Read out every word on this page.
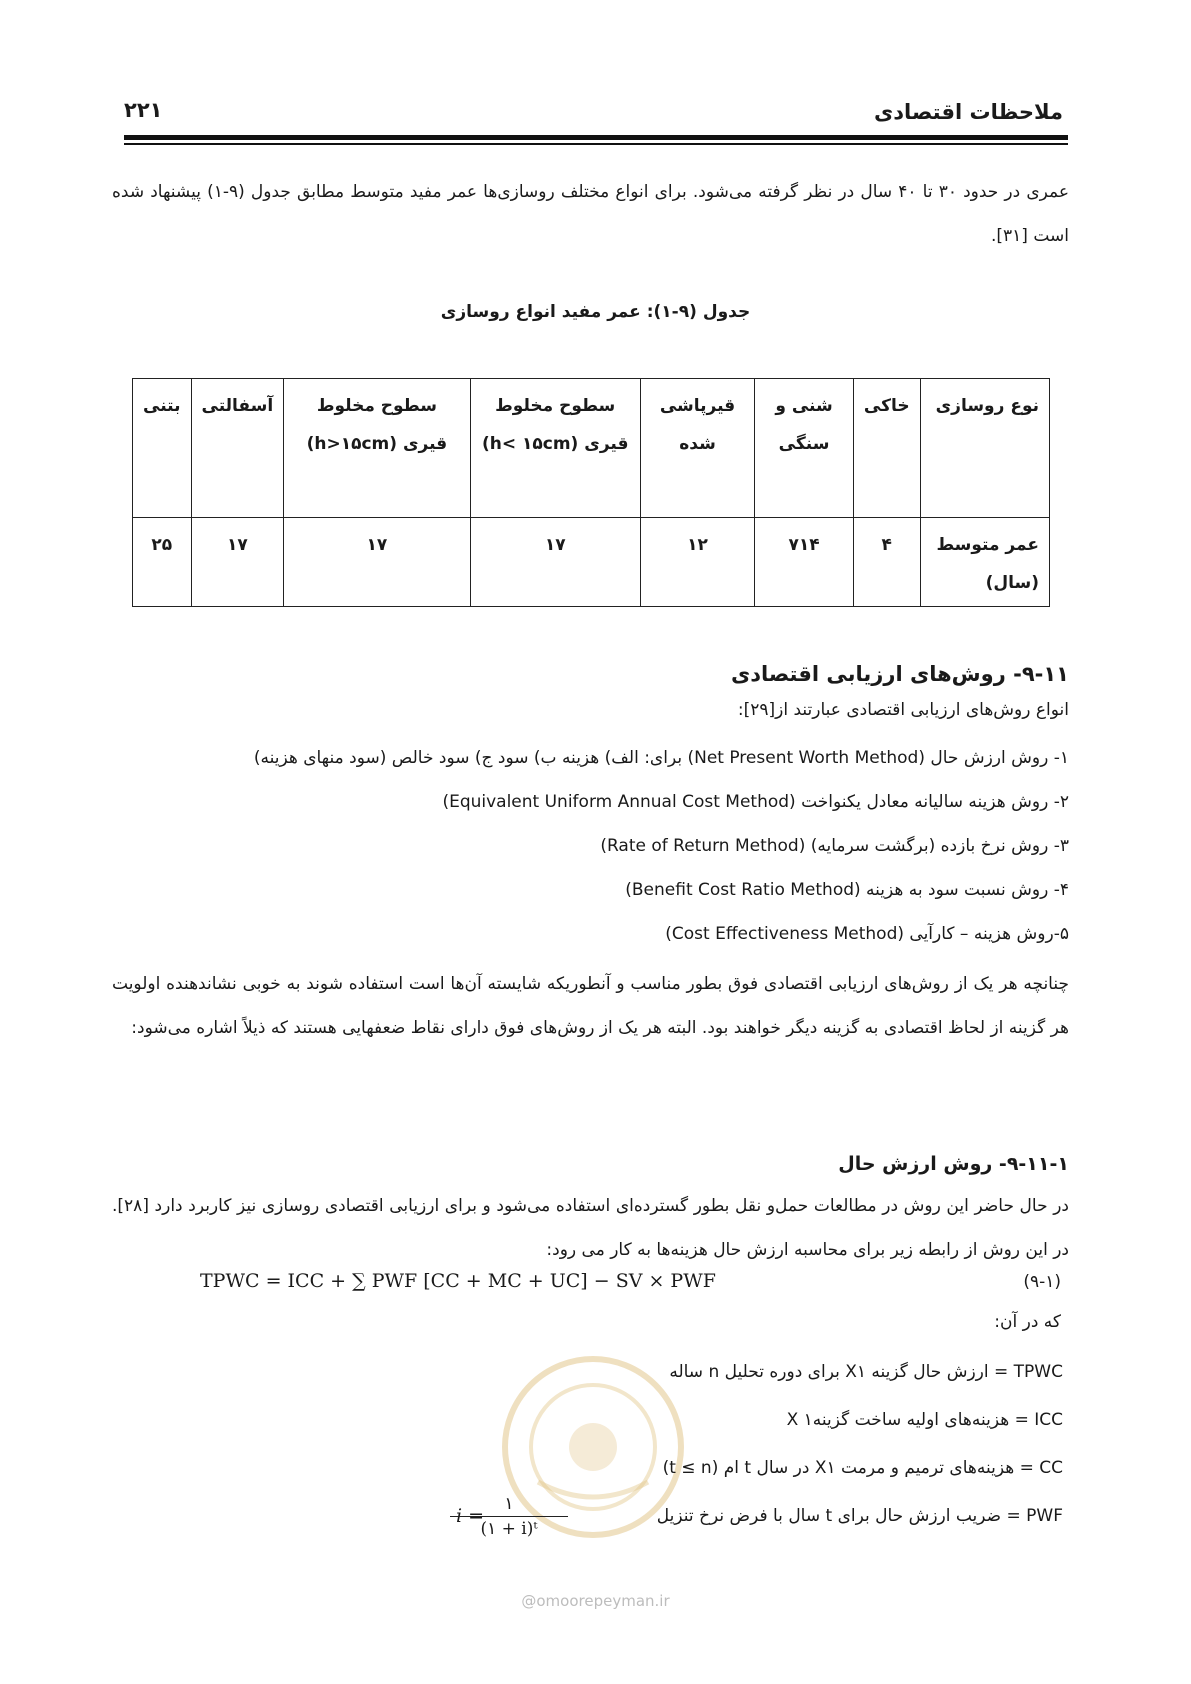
ملاحظات اقتصادی
۲۲۱
عمری در حدود ۳۰ تا ۴۰ سال در نظر گرفته می‌شود. برای انواع مختلف روسازی‌ها عمر مفید متوسط مطابق جدول (۹-۱) پیشنهاد شده است [۳۱].
جدول (۹-۱): عمر مفید انواع روسازی
نوع روسازی	خاکی	شنی و سنگی	قیرپاشی شده	سطوح مخلوط قیری (h< ۱۵cm)	سطوح مخلوط قیری (h>۱۵cm)	آسفالتی	بتنی
عمر متوسط (سال)	۴	۷۱۴	۱۲	۱۷	۱۷	۱۷	۲۵
۹-۱۱- روش‌های ارزیابی اقتصادی
انواع روش‌های ارزیابی اقتصادی عبارتند از[۲۹]:
۱- روش ارزش حال (Net Present Worth Method) برای: الف) هزینه ب) سود ج) سود خالص (سود منهای هزینه)
۲- روش هزینه سالیانه معادل یکنواخت (Equivalent Uniform Annual Cost Method)
۳- روش نرخ بازده (برگشت سرمایه) (Rate of Return Method)
۴- روش نسبت سود به هزینه (Benefit Cost Ratio Method)
۵-روش هزینه – کارآیی (Cost Effectiveness Method)
چنانچه هر یک از روش‌های ارزیابی اقتصادی فوق بطور مناسب و آنطوریکه شایسته آن‌ها است استفاده شوند به خوبی نشاندهنده اولویت هر گزینه از لحاظ اقتصادی به گزینه دیگر خواهند بود. البته هر یک از روش‌های فوق دارای نقاط ضعفهایی هستند که ذیلاً اشاره می‌شود:
۹-۱۱-۱- روش ارزش حال
در حال حاضر این روش در مطالعات حمل‌و نقل بطور گسترده‌ای استفاده می‌شود و برای ارزیابی اقتصادی روسازی نیز کاربرد دارد [۲۸]. در این روش از رابطه زیر برای محاسبه ارزش حال هزینه‌ها به کار می رود:
TPWC = ICC + ∑ PWF [CC + MC + UC] − SV × PWF	(۹-۱)
که در آن:
TPWC = ارزش حال گزینه X۱ برای دوره تحلیل n ساله
ICC = هزینه‌های اولیه ساخت گزینه۱ X
CC = هزینه‌های ترمیم و مرمت X۱ در سال t ام (t ≤ n)
PWF = ضریب ارزش حال برای t سال با فرض نرخ تنزیل
i =
۱
(۱ + i)ᵗ
@omoorepeyman.ir
